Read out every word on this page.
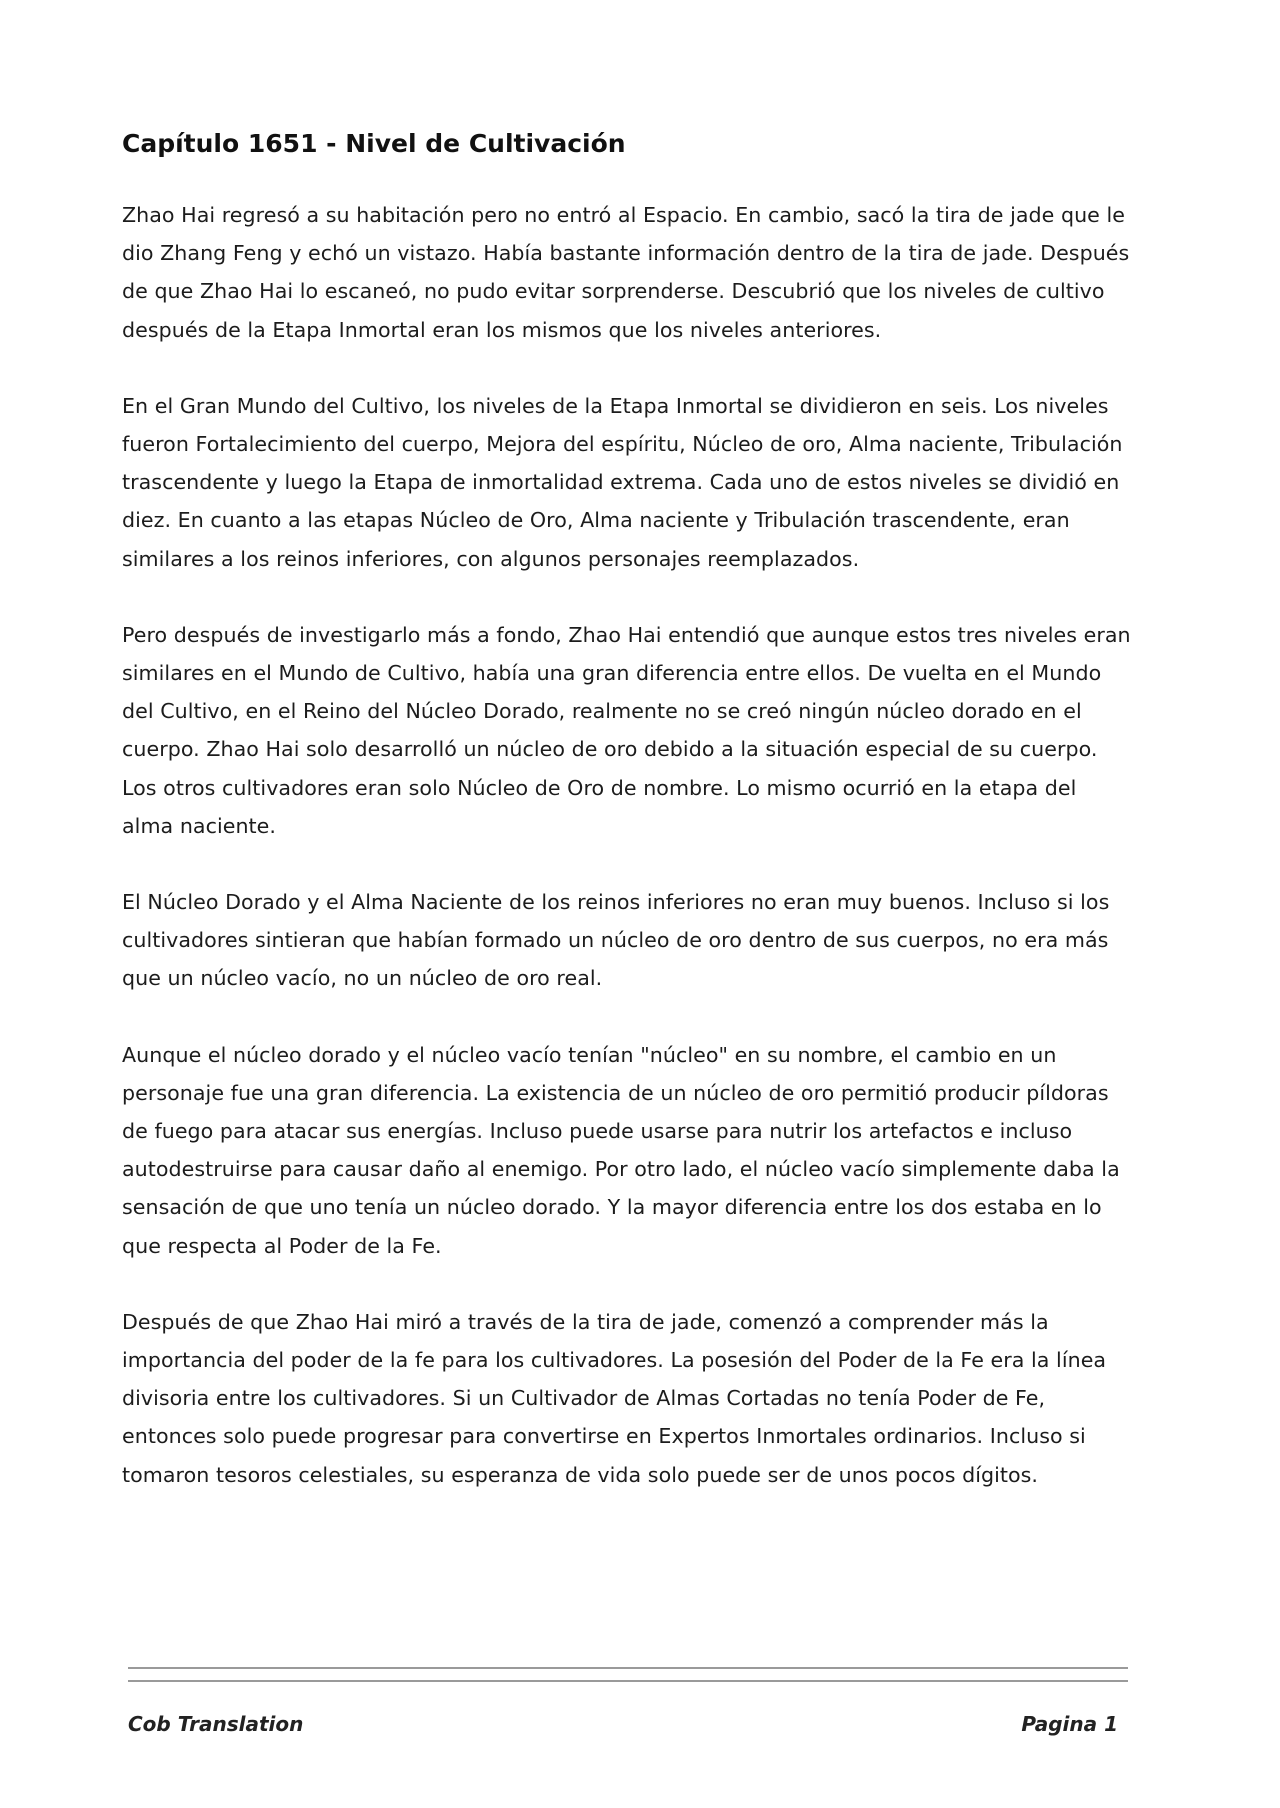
Capítulo 1651 - Nivel de Cultivación

Zhao Hai regresó a su habitación pero no entró al Espacio. En cambio, sacó la tira de jade que le dio Zhang Feng y echó un vistazo. Había bastante información dentro de la tira de jade. Después de que Zhao Hai lo escaneó, no pudo evitar sorprenderse. Descubrió que los niveles de cultivo después de la Etapa Inmortal eran los mismos que los niveles anteriores.

En el Gran Mundo del Cultivo, los niveles de la Etapa Inmortal se dividieron en seis. Los niveles fueron Fortalecimiento del cuerpo, Mejora del espíritu, Núcleo de oro, Alma naciente, Tribulación trascendente y luego la Etapa de inmortalidad extrema. Cada uno de estos niveles se dividió en diez. En cuanto a las etapas Núcleo de Oro, Alma naciente y Tribulación trascendente, eran similares a los reinos inferiores, con algunos personajes reemplazados.

Pero después de investigarlo más a fondo, Zhao Hai entendió que aunque estos tres niveles eran similares en el Mundo de Cultivo, había una gran diferencia entre ellos. De vuelta en el Mundo del Cultivo, en el Reino del Núcleo Dorado, realmente no se creó ningún núcleo dorado en el cuerpo. Zhao Hai solo desarrolló un núcleo de oro debido a la situación especial de su cuerpo. Los otros cultivadores eran solo Núcleo de Oro de nombre. Lo mismo ocurrió en la etapa del alma naciente.

El Núcleo Dorado y el Alma Naciente de los reinos inferiores no eran muy buenos. Incluso si los cultivadores sintieran que habían formado un núcleo de oro dentro de sus cuerpos, no era más que un núcleo vacío, no un núcleo de oro real.

Aunque el núcleo dorado y el núcleo vacío tenían "núcleo" en su nombre, el cambio en un personaje fue una gran diferencia. La existencia de un núcleo de oro permitió producir píldoras de fuego para atacar sus energías. Incluso puede usarse para nutrir los artefactos e incluso autodestruirse para causar daño al enemigo. Por otro lado, el núcleo vacío simplemente daba la sensación de que uno tenía un núcleo dorado. Y la mayor diferencia entre los dos estaba en lo que respecta al Poder de la Fe.

Después de que Zhao Hai miró a través de la tira de jade, comenzó a comprender más la importancia del poder de la fe para los cultivadores. La posesión del Poder de la Fe era la línea divisoria entre los cultivadores. Si un Cultivador de Almas Cortadas no tenía Poder de Fe, entonces solo puede progresar para convertirse en Expertos Inmortales ordinarios. Incluso si tomaron tesoros celestiales, su esperanza de vida solo puede ser de unos pocos dígitos.

Cob Translation	Pagina 1
